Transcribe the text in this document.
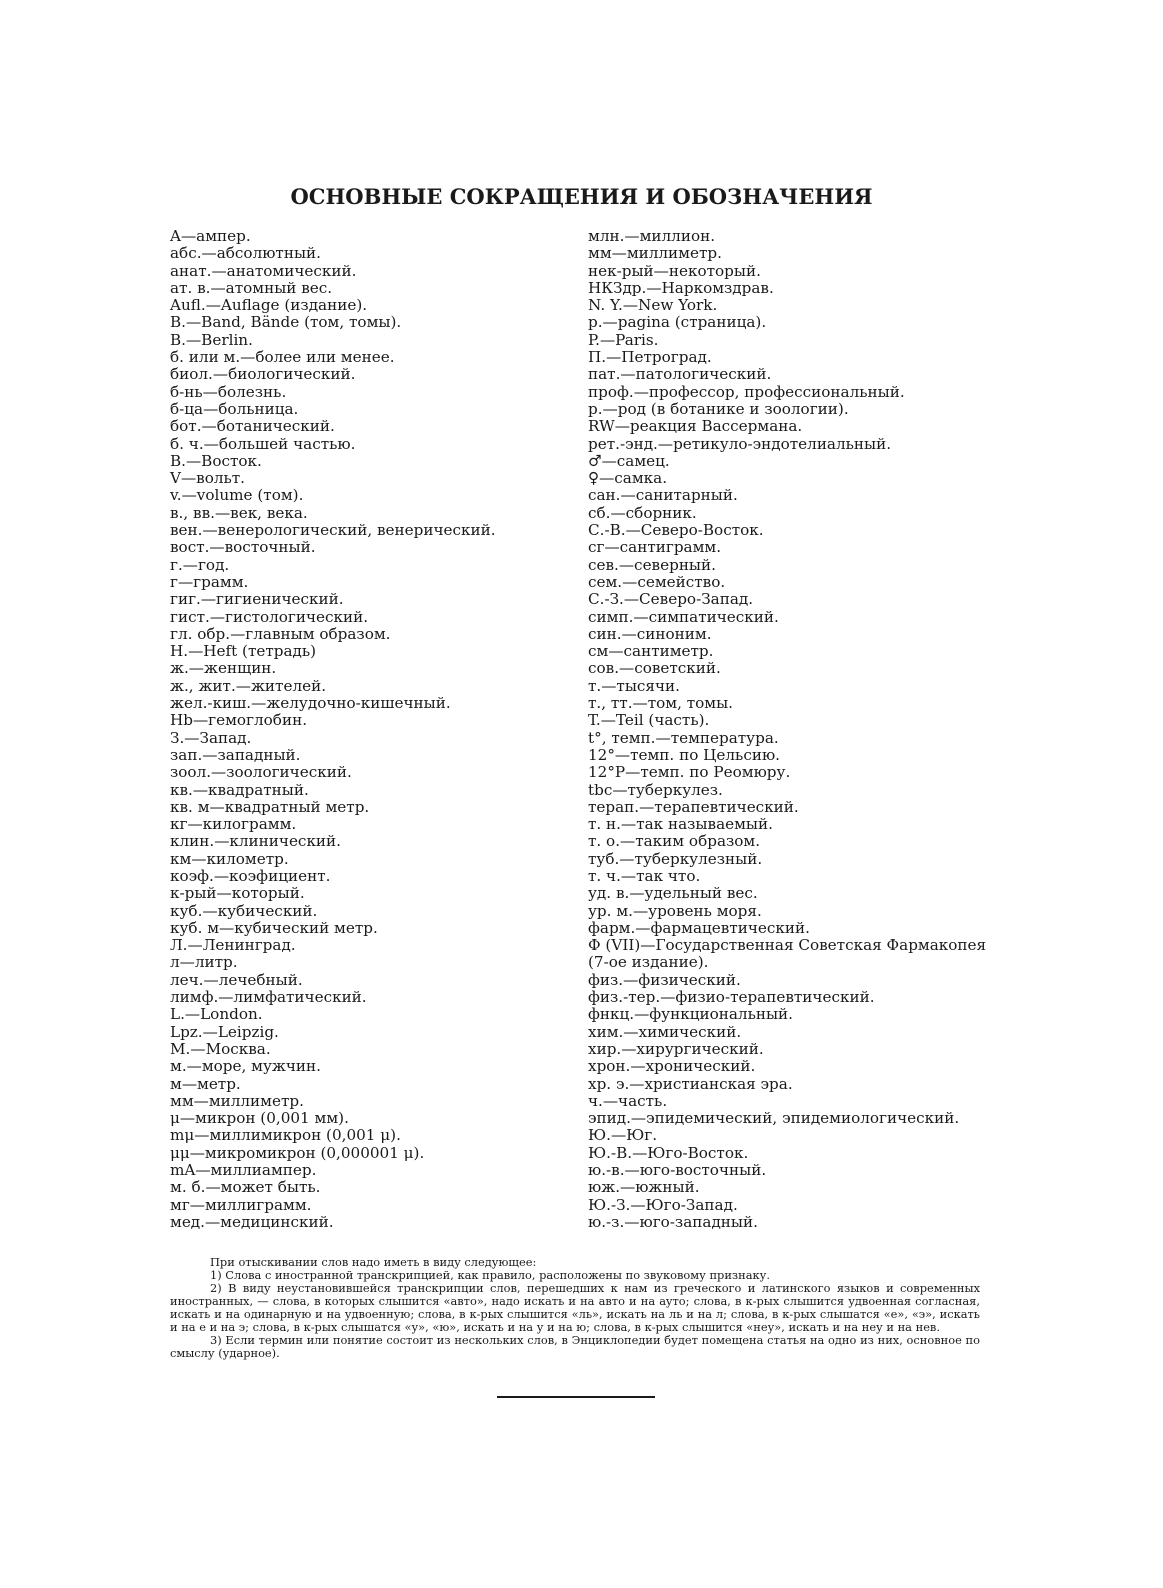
ОСНОВНЫЕ СОКРАЩЕНИЯ И ОБОЗНАЧЕНИЯ
A—ампер.
абс.—абсолютный.
анат.—анатомический.
ат. в.—атомный вес.
Aufl.—Auflage (издание).
B.—Band, Bände (том, томы).
B.—Berlin.
б. или м.—более или менее.
биол.—биологический.
б-нь—болезнь.
б-ца—больница.
бот.—ботанический.
б. ч.—большей частью.
В.—Восток.
V—вольт.
v.—volume (том).
в., вв.—век, века.
вен.—венерологический, венерический.
вост.—восточный.
г.—год.
г—грамм.
гиг.—гигиенический.
гист.—гистологический.
гл. обр.—главным образом.
H.—Heft (тетрадь)
ж.—женщин.
ж., жит.—жителей.
жел.-киш.—желудочно-кишечный.
Hb—гемоглобин.
З.—Запад.
зап.—западный.
зоол.—зоологический.
кв.—квадратный.
кв. м—квадратный метр.
кг—килограмм.
клин.—клинический.
км—километр.
коэф.—коэфициент.
к-рый—который.
куб.—кубический.
куб. м—кубический метр.
Л.—Ленинград.
л—литр.
леч.—лечебный.
лимф.—лимфатический.
L.—London.
Lpz.—Leipzig.
М.—Москва.
м.—море, мужчин.
м—метр.
мм—миллиметр.
μ—микрон (0,001 мм).
mμ—миллимикрон (0,001 μ).
μμ—микромикрон (0,000001 μ).
mA—миллиампер.
м. б.—может быть.
мг—миллиграмм.
мед.—медицинский.
млн.—миллион.
мм—миллиметр.
нек-рый—некоторый.
НКЗдр.—Наркомздрав.
N. Y.—New York.
p.—pagina (страница).
P.—Paris.
П.—Петроград.
пат.—патологический.
проф.—профессор, профессиональный.
р.—род (в ботанике и зоологии).
RW—реакция Вассермана.
рет.-энд.—ретикуло-эндотелиальный.
♂—самец.
♀—самка.
сан.—санитарный.
сб.—сборник.
С.-В.—Северо-Восток.
сг—сантиграмм.
сев.—северный.
сем.—семейство.
С.-З.—Северо-Запад.
симп.—симпатический.
син.—синоним.
см—сантиметр.
сов.—советский.
т.—тысячи.
т., тт.—том, томы.
T.—Teil (часть).
t°, темп.—температура.
12°—темп. по Цельсию.
12°Р—темп. по Реомюру.
tbc—туберкулез.
терап.—терапевтический.
т. н.—так называемый.
т. о.—таким образом.
туб.—туберкулезный.
т. ч.—так что.
уд. в.—удельный вес.
ур. м.—уровень моря.
фарм.—фармацевтический.
Ф (VII)—Государственная Советская Фармакопея (7-ое издание).
физ.—физический.
физ.-тер.—физио-терапевтический.
фнкц.—функциональный.
хим.—химический.
хир.—хирургический.
хрон.—хронический.
хр. э.—христианская эра.
ч.—часть.
эпид.—эпидемический, эпидемиологический.
Ю.—Юг.
Ю.-В.—Юго-Восток.
ю.-в.—юго-восточный.
юж.—южный.
Ю.-З.—Юго-Запад.
ю.-з.—юго-западный.

При отыскивании слов надо иметь в виду следующее:

1) Слова с иностранной транскрипцией, как правило, расположены по звуковому признаку.

2) В виду неустановившейся транскрипции слов, перешедших к нам из греческого и латинского языков и современных иностранных, — слова, в которых слышится «авто», надо искать и на авто и на аyто; слова, в к-рых слышится удвоенная согласная, искать и на одинарную и на удвоенную; слова, в к-рых слышится «ль», искать на ль и на л; слова, в к-рых слышатся «е», «э», искать и на е и на э; слова, в к-рых слышатся «у», «ю», искать и на у и на ю; слова, в к-рых слышится «неу», искать и на неу и на нев.

3) Если термин или понятие состоит из нескольких слов, в Энциклопедии будет помещена статья на одно из них, основное по смыслу (ударное).
